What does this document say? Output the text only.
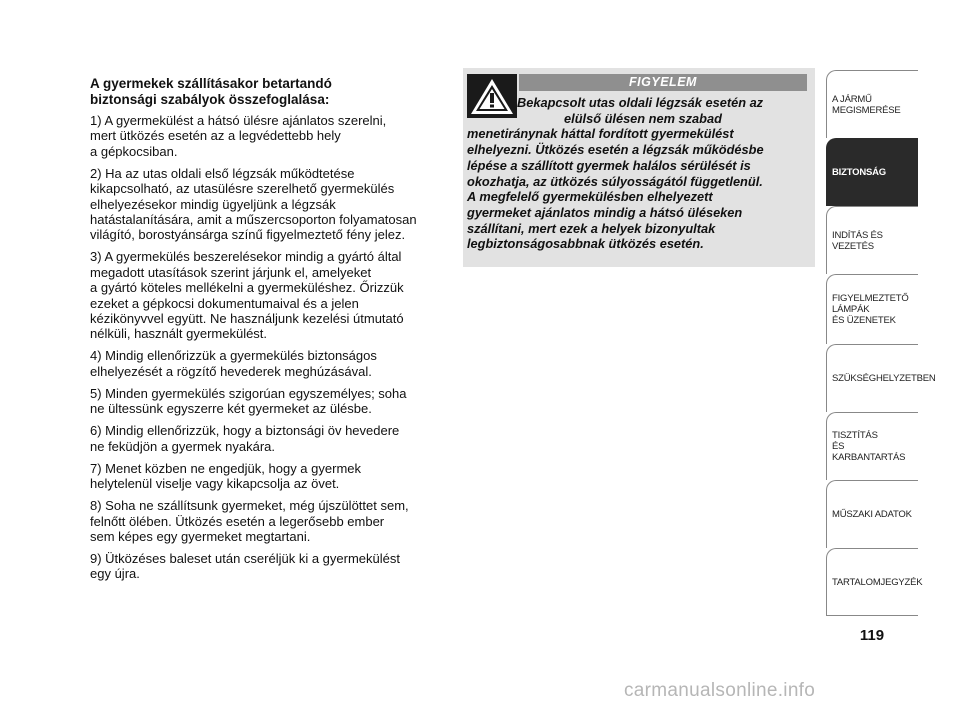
A gyermekek szállításakor betartandó
biztonsági szabályok összefoglalása:

1) A gyermekülést a hátsó ülésre ajánlatos szerelni,
mert ütközés esetén az a legvédettebb hely
a gépkocsiban.

2) Ha az utas oldali első légzsák működtetése
kikapcsolható, az utasülésre szerelhető gyermekülés
elhelyezésekor mindig ügyeljünk a légzsák
hatástalanítására, amit a műszercsoporton folyamatosan
világító, borostyánsárga színű figyelmeztető fény jelez.

3) A gyermekülés beszerelésekor mindig a gyártó által
megadott utasítások szerint járjunk el, amelyeket
a gyártó köteles mellékelni a gyermeküléshez. Őrizzük
ezeket a gépkocsi dokumentumaival és a jelen
kézikönyvvel együtt. Ne használjunk kezelési útmutató
nélküli, használt gyermekülést.

4) Mindig ellenőrizzük a gyermekülés biztonságos
elhelyezését a rögzítő hevederek meghúzásával.

5) Minden gyermekülés szigorúan egyszemélyes; soha
ne ültessünk egyszerre két gyermeket az ülésbe.

6) Mindig ellenőrizzük, hogy a biztonsági öv hevedere
ne feküdjön a gyermek nyakára.

7) Menet közben ne engedjük, hogy a gyermek
helytelenül viselje vagy kikapcsolja az övet.

8) Soha ne szállítsunk gyermeket, még újszülöttet sem,
felnőtt ölében. Ütközés esetén a legerősebb ember
sem képes egy gyermeket megtartani.

9) Ütközéses baleset után cseréljük ki a gyermekülést
egy újra.

FIGYELEM
Bekapcsolt utas oldali légzsák esetén az
elülső ülésen nem szabad
menetiránynak háttal fordított gyermekülést
elhelyezni. Ütközés esetén a légzsák működésbe
lépése a szállított gyermek halálos sérülését is
okozhatja, az ütközés súlyosságától függetlenül.
A megfelelő gyermekülésben elhelyezett
gyermeket ajánlatos mindig a hátsó üléseken
szállítani, mert ezek a helyek bizonyultak
legbiztonságosabbnak ütközés esetén.
A JÁRMŰ
MEGISMERÉSE
BIZTONSÁG
INDÍTÁS ÉS VEZETÉS
FIGYELMEZTETŐ
LÁMPÁK
ÉS ÜZENETEK
SZÜKSÉGHELYZETBEN
TISZTÍTÁS
ÉS KARBANTARTÁS
MŰSZAKI ADATOK
TARTALOMJEGYZÉK
119
carmanualsonline.info
